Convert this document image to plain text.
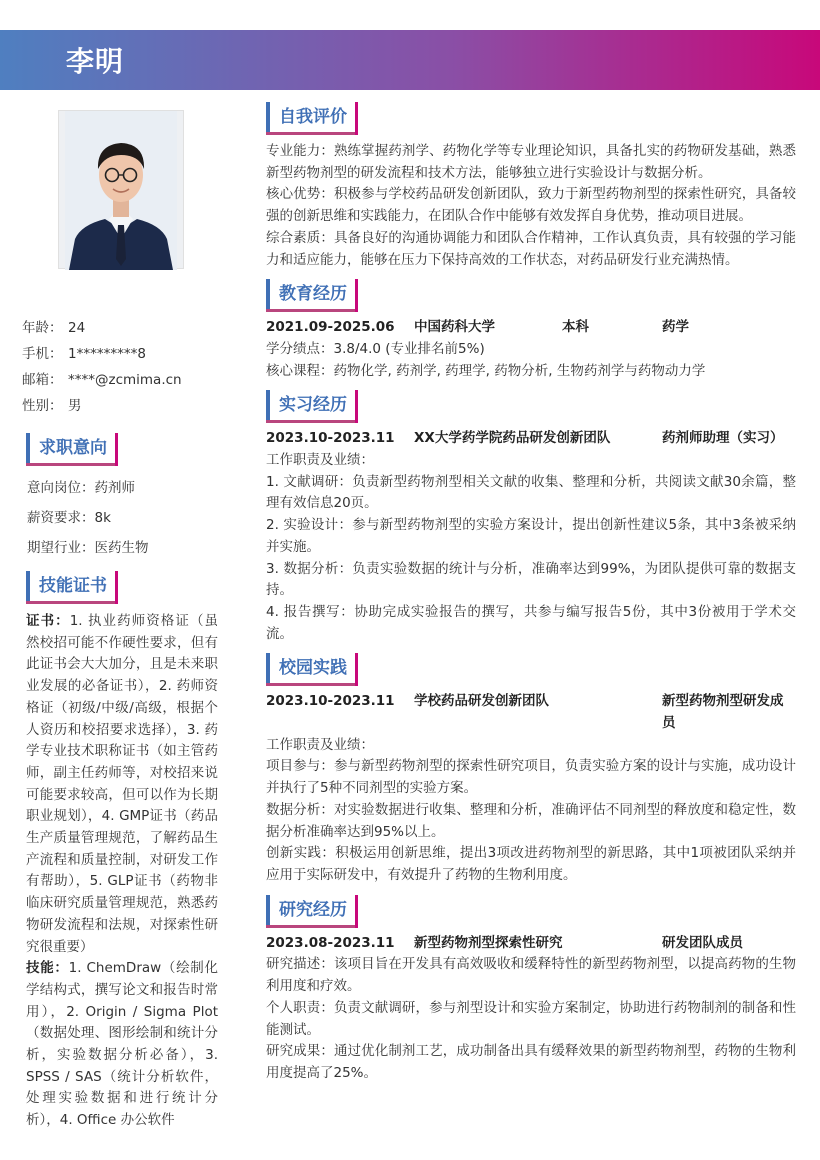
李明
年龄： 24
手机： 1*********8
邮箱： ****@zcmima.cn
性别： 男
求职意向
意向岗位：药剂师
薪资要求：8k
期望行业：医药生物
技能证书
证书：1. 执业药师资格证（虽然校招可能不作硬性要求，但有此证书会大大加分，且是未来职业发展的必备证书），2. 药师资格证（初级/中级/高级，根据个人资历和校招要求选择），3. 药学专业技术职称证书（如主管药师，副主任药师等，对校招来说可能要求较高，但可以作为长期职业规划），4. GMP证书（药品生产质量管理规范，了解药品生产流程和质量控制，对研发工作有帮助），5. GLP证书（药物非临床研究质量管理规范，熟悉药物研发流程和法规，对探索性研究很重要）
技能：1. ChemDraw（绘制化学结构式，撰写论文和报告时常用），2. Origin / Sigma Plot（数据处理、图形绘制和统计分析，实验数据分析必备），3. SPSS / SAS（统计分析软件，处理实验数据和进行统计分析），4. Office 办公软件
自我评价
专业能力：熟练掌握药剂学、药物化学等专业理论知识，具备扎实的药物研发基础，熟悉新型药物剂型的研发流程和技术方法，能够独立进行实验设计与数据分析。
核心优势：积极参与学校药品研发创新团队，致力于新型药物剂型的探索性研究，具备较强的创新思维和实践能力，在团队合作中能够有效发挥自身优势，推动项目进展。
综合素质：具备良好的沟通协调能力和团队合作精神，工作认真负责，具有较强的学习能力和适应能力，能够在压力下保持高效的工作状态，对药品研发行业充满热情。
教育经历
2021.09-2025.06	中国药科大学	本科	药学
学分绩点：3.8/4.0 (专业排名前5%)
核心课程：药物化学, 药剂学, 药理学, 药物分析, 生物药剂学与药物动力学
实习经历
2023.10-2023.11	XX大学药学院药品研发创新团队	药剂师助理（实习）
工作职责及业绩：
1. 文献调研：负责新型药物剂型相关文献的收集、整理和分析，共阅读文献30余篇，整理有效信息20页。
2. 实验设计：参与新型药物剂型的实验方案设计，提出创新性建议5条，其中3条被采纳并实施。
3. 数据分析：负责实验数据的统计与分析，准确率达到99%，为团队提供可靠的数据支持。
4. 报告撰写：协助完成实验报告的撰写，共参与编写报告5份，其中3份被用于学术交流。
校园实践
2023.10-2023.11	学校药品研发创新团队	新型药物剂型研发成员
工作职责及业绩：
项目参与：参与新型药物剂型的探索性研究项目，负责实验方案的设计与实施，成功设计并执行了5种不同剂型的实验方案。
数据分析：对实验数据进行收集、整理和分析，准确评估不同剂型的释放度和稳定性，数据分析准确率达到95%以上。
创新实践：积极运用创新思维，提出3项改进药物剂型的新思路，其中1项被团队采纳并应用于实际研发中，有效提升了药物的生物利用度。
研究经历
2023.08-2023.11	新型药物剂型探索性研究	研发团队成员
研究描述：该项目旨在开发具有高效吸收和缓释特性的新型药物剂型，以提高药物的生物利用度和疗效。
个人职责：负责文献调研，参与剂型设计和实验方案制定，协助进行药物制剂的制备和性能测试。
研究成果：通过优化制剂工艺，成功制备出具有缓释效果的新型药物剂型，药物的生物利用度提高了25%。
